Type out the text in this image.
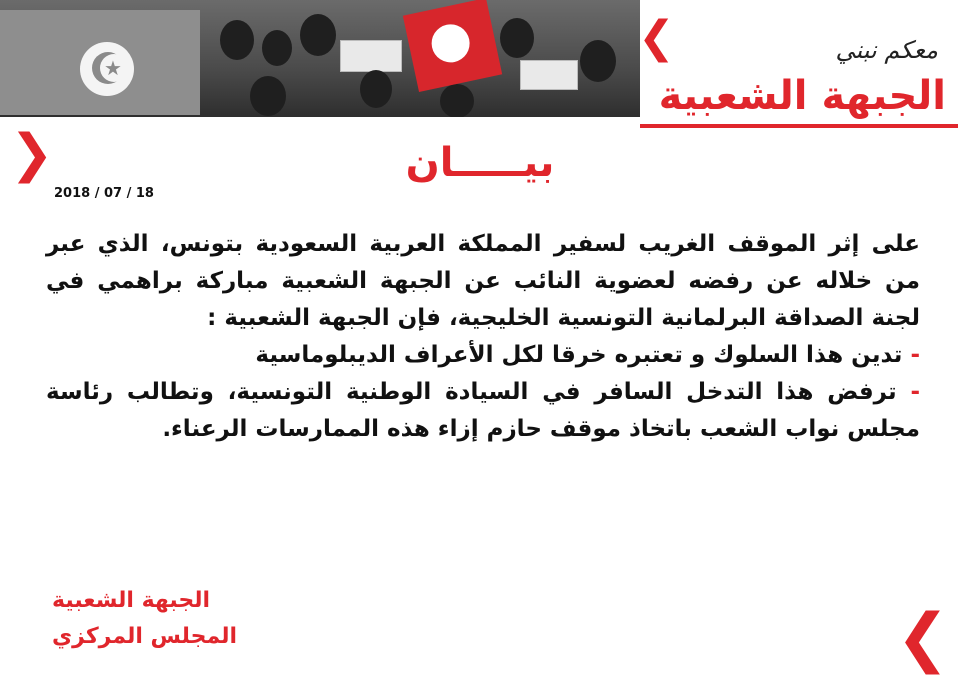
★
❮
❯
❮
معكم نبني
الجبهة الشعبية
بيـــــان
2018 / 07 / 18

على إثر الموقف الغريب لسفير المملكة العربية السعودية بتونس، الذي عبر من خلاله عن رفضه لعضوية النائب عن الجبهة الشعبية مباركة براهمي في لجنة الصداقة البرلمانية التونسية الخليجية، فإن الجبهة الشعبية :

- تدين هذا السلوك و تعتبره خرقا لكل الأعراف الديبلوماسية

- ترفض هذا التدخل السافر في السيادة الوطنية التونسية، وتطالب رئاسة مجلس نواب الشعب باتخاذ موقف حازم إزاء هذه الممارسات الرعناء.

الجبهة الشعبية
المجلس المركزي
